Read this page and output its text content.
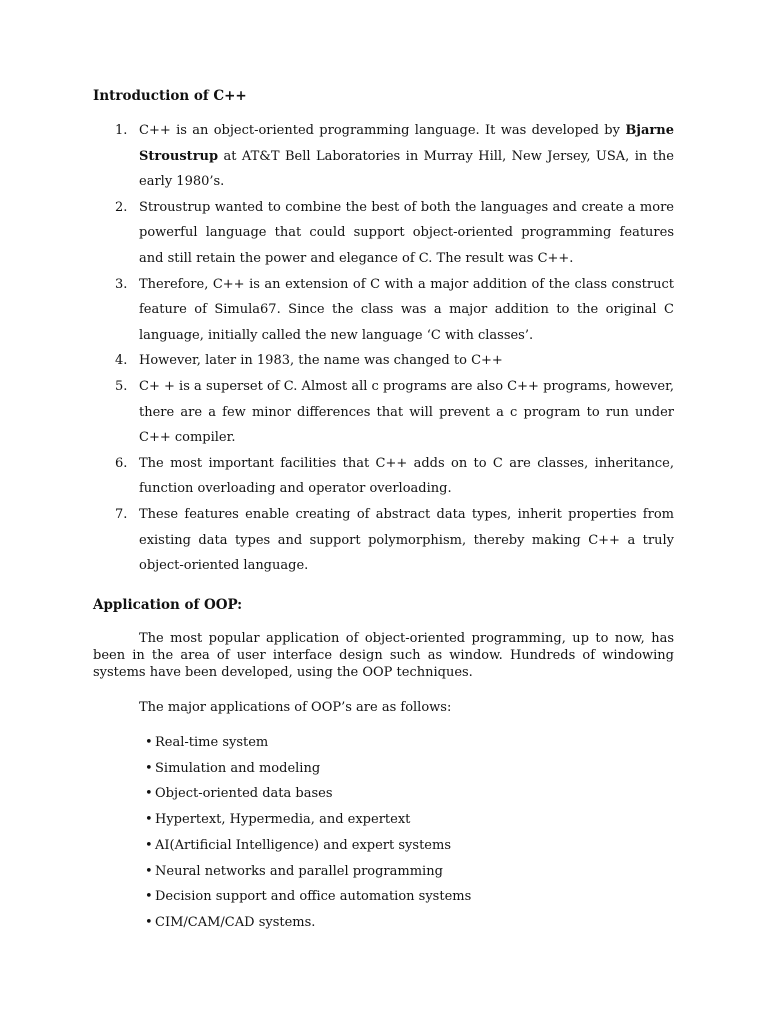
Introduction of C++
1. C++ is an object-oriented programming language. It was developed by Bjarne Stroustrup at AT&T Bell Laboratories in Murray Hill, New Jersey, USA, in the early 1980’s.
2. Stroustrup wanted to combine the best of both the languages and create a more powerful language that could support object-oriented programming features and still retain the power and elegance of C. The result was C++.
3. Therefore, C++ is an extension of C with a major addition of the class construct feature of Simula67. Since the class was a major addition to the original C language, initially called the new language ‘C with classes’.
4. However, later in 1983, the name was changed to C++
5. C+ + is a superset of C. Almost all c programs are also C++ programs, however, there are a few minor differences that will prevent a c program to run under C++ compiler.
6. The most important facilities that C++ adds on to C are classes, inheritance, function overloading and operator overloading.
7. These features enable creating of abstract data types, inherit properties from existing data types and support polymorphism, thereby making C++ a truly object-oriented language.
Application of OOP:

The most popular application of object-oriented programming, up to now, has been in the area of user interface design such as window. Hundreds of windowing systems have been developed, using the OOP techniques.

The major applications of OOP’s are as follows:

• Real-time system
• Simulation and modeling
• Object-oriented data bases
• Hypertext, Hypermedia, and expertext
• AI(Artificial Intelligence) and expert systems
• Neural networks and parallel programming
• Decision support and office automation systems
• CIM/CAM/CAD systems.
